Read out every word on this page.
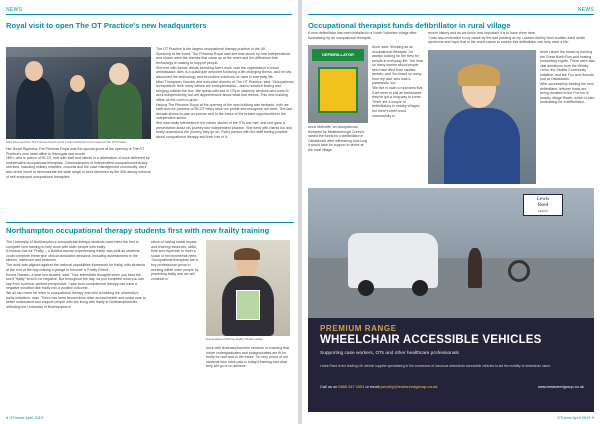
NEWS
Royal visit to open The OT Practice's new headquarters
HRH Princess Anne The Princess Royal meets a team welcomes to be invited at The OT Practice.

Her Royal Highness The Princess Royal was the special guest at the opening of The OT Practice's new head office in Harrogate last month.

HRH, who is patron of RCOT, met with staff and clients in a celebration of work delivered by independent occupational therapists. Commissioners of independent occupational therapy services, including military charities, councils and the case management community, were also at the event to demonstrate the wide range of work delivered by the 500-strong network of self-employed occupational therapists.

The OT Practice is the largest occupational therapy practice in the UK.

Speaking at the event, The Princess Royal said she was struck by how independence and choice were the themes that came up at the event and the difference that technology is making to support people.

She met with former clients including Alex Lewis, now the organisation's brand ambassador. Alex is a quadruple amputee following a life-changing illness, and he has discussed the technology and innovative solutions he uses in everyday life.

Nikki Thompson, founder and executive director of The OT Practice, said: 'Occupational therapists fix their many values are entrepreneurial – and to solution finding and bringing outside the box. We speak with lots of OTs in statutory services who want to work independently, but are apprehensive about what that means. This new building offers us the room to grow.'

Having The Princess Royal at the opening of the new building was fantastic, both we staff and our partners of RCOT helps raise our profile and recognise our work. The last decade shows to plan us pursue and to the future of the private opportunities in the independent sector.

She was really interested in the career stories of the OTs she met, and one gave a presentation about his journey into independent practice. She went with clients too and really understood the journey they go on. Every person with the staff feeling positive about occupational therapy and their role in it.

Northampton occupational therapy students first with new frailty training

The University of Northampton's occupational therapy students have been the first to complete new training to help work with older people with frailty.

A module has for 'Frailty – a Bottled woman experiencing frailty, was built as students could complete immersive clinical simulation sessions, including assessments in the kitchen, bathroom and bedroom.

The work was aligned against the national capabilities framework for frailty, with students at the end of the day making a pledge to become a 'Frailty Friend'.

Emma Hanson, a year two student, said: 'Your immediate thoughts when you hear the word "frailty" tend to be negative. But throughout the day, as you complete what you can say from a person-centred perspective, I saw from occupational therapy can have a negative condition like frailty into a positive outcome.

We all can never be learn in occupational therapy and who is leading the university's frailty initiatives, said: 'There has been tremendous drive around health and social care to better understand and support people who are living with frailty in Northamptonshire, reflecting the University of Northampton's

ethos of having social impact and sharing resources, skills, time and expertise to meet a social or environmental need.

'Occupational therapists are a key professional group in working within older people by promoting frailty and we will continue to

Emma Hanson with her Frailty Friends pledge

work with Northamptonshire services in ensuring that future undergraduates and postgraduates are fit for frailty for now and in the future. I'm very proud of our students who have paid in today's training and what they will go on to achieve.'

8 OTnews April 2019
NEWS
Occupational therapist funds defibrillator in rural village

A new defibrillator has been installed in a North Yorkshire village after fundraising by an occupational therapist.

DEFIBRILLATOR

Anne said: 'Working as an occupational therapist, I'm always looking for the best for people in everyday life. You hear so many stories about people who have died from cardiac arrests, and I've heard so many from my dad, who was a paramedic, too.

'We live in such a rural area that if we were to call an ambulance they've got a long way to come. There are a couple of defibrillators in nearby villages but there's been used successfully in

Anne Metcalfe, an occupational therapist for Middlesbrough Council, raised the funds for a defibrillator in Osbaldwick after witnessing how long it would take for support to arrive at the rural village.

recent history and as we know how important it is to have them here.

'I was also motivated in my cause by the sad passing of my Lowdon Ashley from sudden adult death syndrome and hope that in the world cause to ensure this defibrillator can help save a life.'

Anne raised the funds by running the Great North Run and hosting fundraising nights. There were also vital donations from the Whitby Lions, the Stokes Community Initiative, and the Fox and Hounds pub at Osbaldwick.

After successfully funding the new defibrillator, leftover funds are being donated to the Fox Inn in nearby village Reeth, which is also fundraising for a defibrillator.

Lewis
Reed
GROUP
PREMIUM RANGE
WHEELCHAIR ACCESSIBLE VEHICLES
Supporting case workers, OTs and other healthcare professionals
Lewis Reed is the leading UK vehicle supplier specialising in the conversion of luxurious wheelchair accessible vehicles to aid the mobility of wheelchair users.
Call us on 0800 247 1001 or email priority@lewisreedgroup.co.uk	www.lewisreedgroup.co.uk
OTnews April 2019 9
